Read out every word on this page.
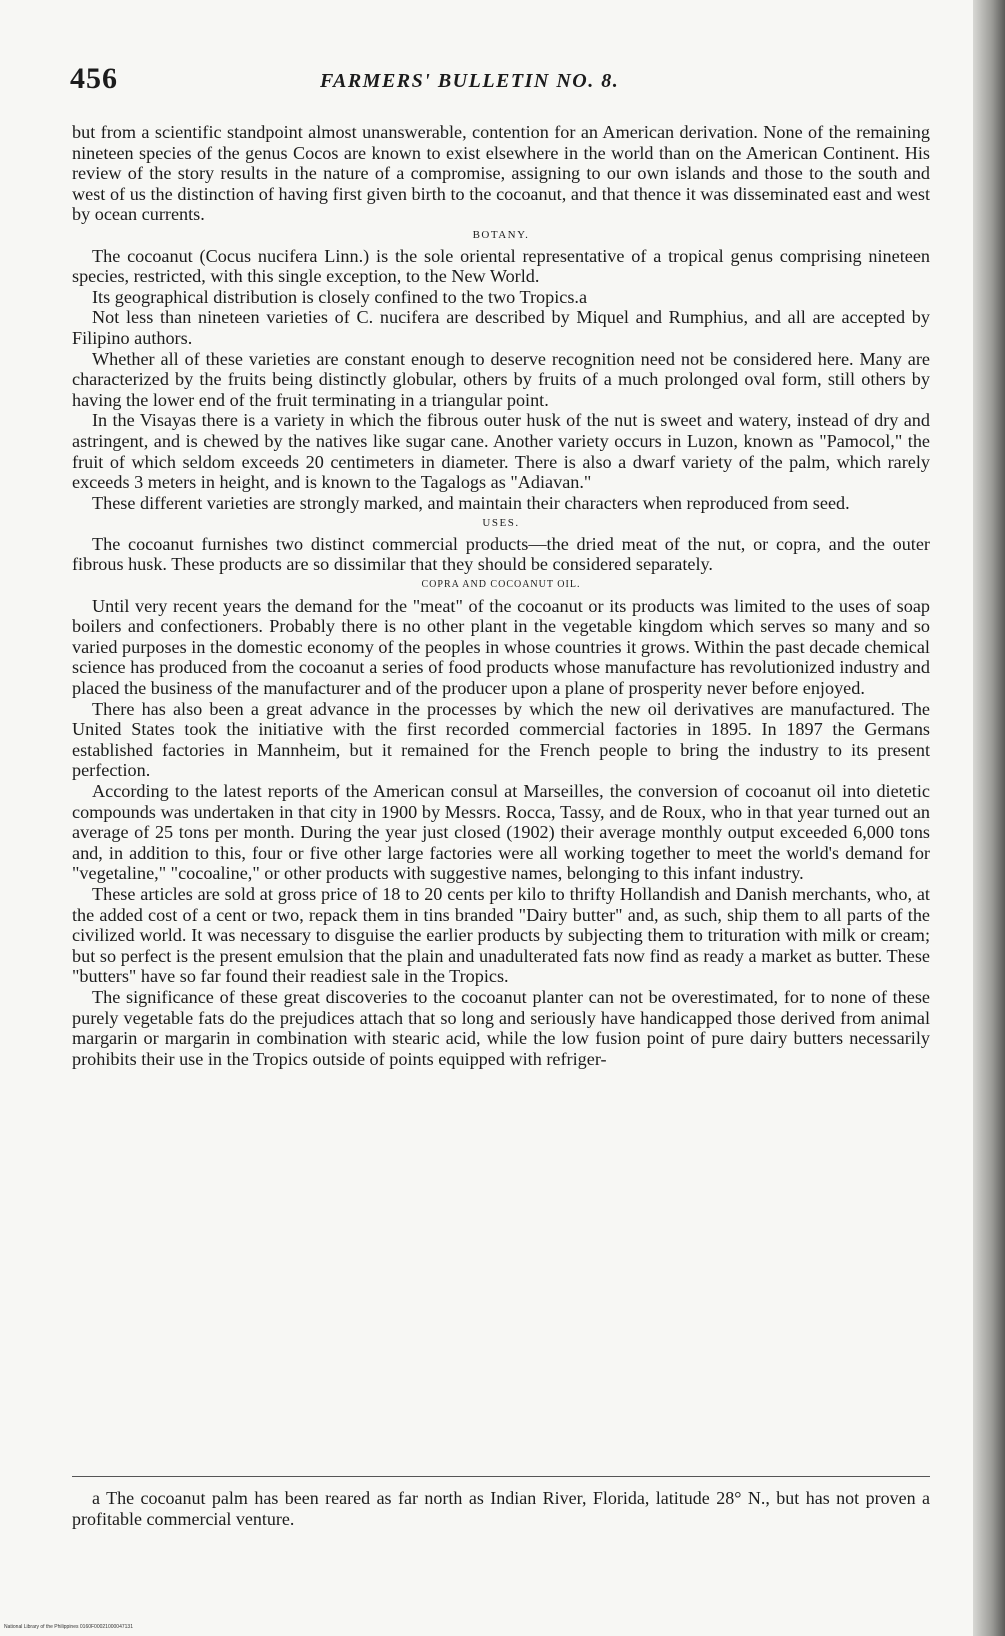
456	FARMERS' BULLETIN NO. 8.

but from a scientific standpoint almost unanswerable, contention for an American derivation. None of the remaining nineteen species of the genus Cocos are known to exist elsewhere in the world than on the American Continent. His review of the story results in the nature of a compromise, assigning to our own islands and those to the south and west of us the distinction of having first given birth to the cocoanut, and that thence it was disseminated east and west by ocean currents.

BOTANY.

The cocoanut (Cocus nucifera Linn.) is the sole oriental representative of a tropical genus comprising nineteen species, restricted, with this single exception, to the New World.

Its geographical distribution is closely confined to the two Tropics.a

Not less than nineteen varieties of C. nucifera are described by Miquel and Rumphius, and all are accepted by Filipino authors.

Whether all of these varieties are constant enough to deserve recognition need not be considered here. Many are characterized by the fruits being distinctly globular, others by fruits of a much prolonged oval form, still others by having the lower end of the fruit terminating in a triangular point.

In the Visayas there is a variety in which the fibrous outer husk of the nut is sweet and watery, instead of dry and astringent, and is chewed by the natives like sugar cane. Another variety occurs in Luzon, known as "Pamocol," the fruit of which seldom exceeds 20 centimeters in diameter. There is also a dwarf variety of the palm, which rarely exceeds 3 meters in height, and is known to the Tagalogs as "Adiavan."

These different varieties are strongly marked, and maintain their characters when reproduced from seed.

USES.

The cocoanut furnishes two distinct commercial products—the dried meat of the nut, or copra, and the outer fibrous husk. These products are so dissimilar that they should be considered separately.

COPRA AND COCOANUT OIL.

Until very recent years the demand for the "meat" of the cocoanut or its products was limited to the uses of soap boilers and confectioners. Probably there is no other plant in the vegetable kingdom which serves so many and so varied purposes in the domestic economy of the peoples in whose countries it grows. Within the past decade chemical science has produced from the cocoanut a series of food products whose manufacture has revolutionized industry and placed the business of the manufacturer and of the producer upon a plane of prosperity never before enjoyed.

There has also been a great advance in the processes by which the new oil derivatives are manufactured. The United States took the initiative with the first recorded commercial factories in 1895. In 1897 the Germans established factories in Mannheim, but it remained for the French people to bring the industry to its present perfection.

According to the latest reports of the American consul at Marseilles, the conversion of cocoanut oil into dietetic compounds was undertaken in that city in 1900 by Messrs. Rocca, Tassy, and de Roux, who in that year turned out an average of 25 tons per month. During the year just closed (1902) their average monthly output exceeded 6,000 tons and, in addition to this, four or five other large factories were all working together to meet the world's demand for "vegetaline," "cocoaline," or other products with suggestive names, belonging to this infant industry.

These articles are sold at gross price of 18 to 20 cents per kilo to thrifty Hollandish and Danish merchants, who, at the added cost of a cent or two, repack them in tins branded "Dairy butter" and, as such, ship them to all parts of the civilized world. It was necessary to disguise the earlier products by subjecting them to trituration with milk or cream; but so perfect is the present emulsion that the plain and unadulterated fats now find as ready a market as butter. These "butters" have so far found their readiest sale in the Tropics.

The significance of these great discoveries to the cocoanut planter can not be overestimated, for to none of these purely vegetable fats do the prejudices attach that so long and seriously have handicapped those derived from animal margarin or margarin in combination with stearic acid, while the low fusion point of pure dairy butters necessarily prohibits their use in the Tropics outside of points equipped with refriger-

a The cocoanut palm has been reared as far north as Indian River, Florida, latitude 28° N., but has not proven a profitable commercial venture.
National Library of the Philippines 0160F00021000047131
